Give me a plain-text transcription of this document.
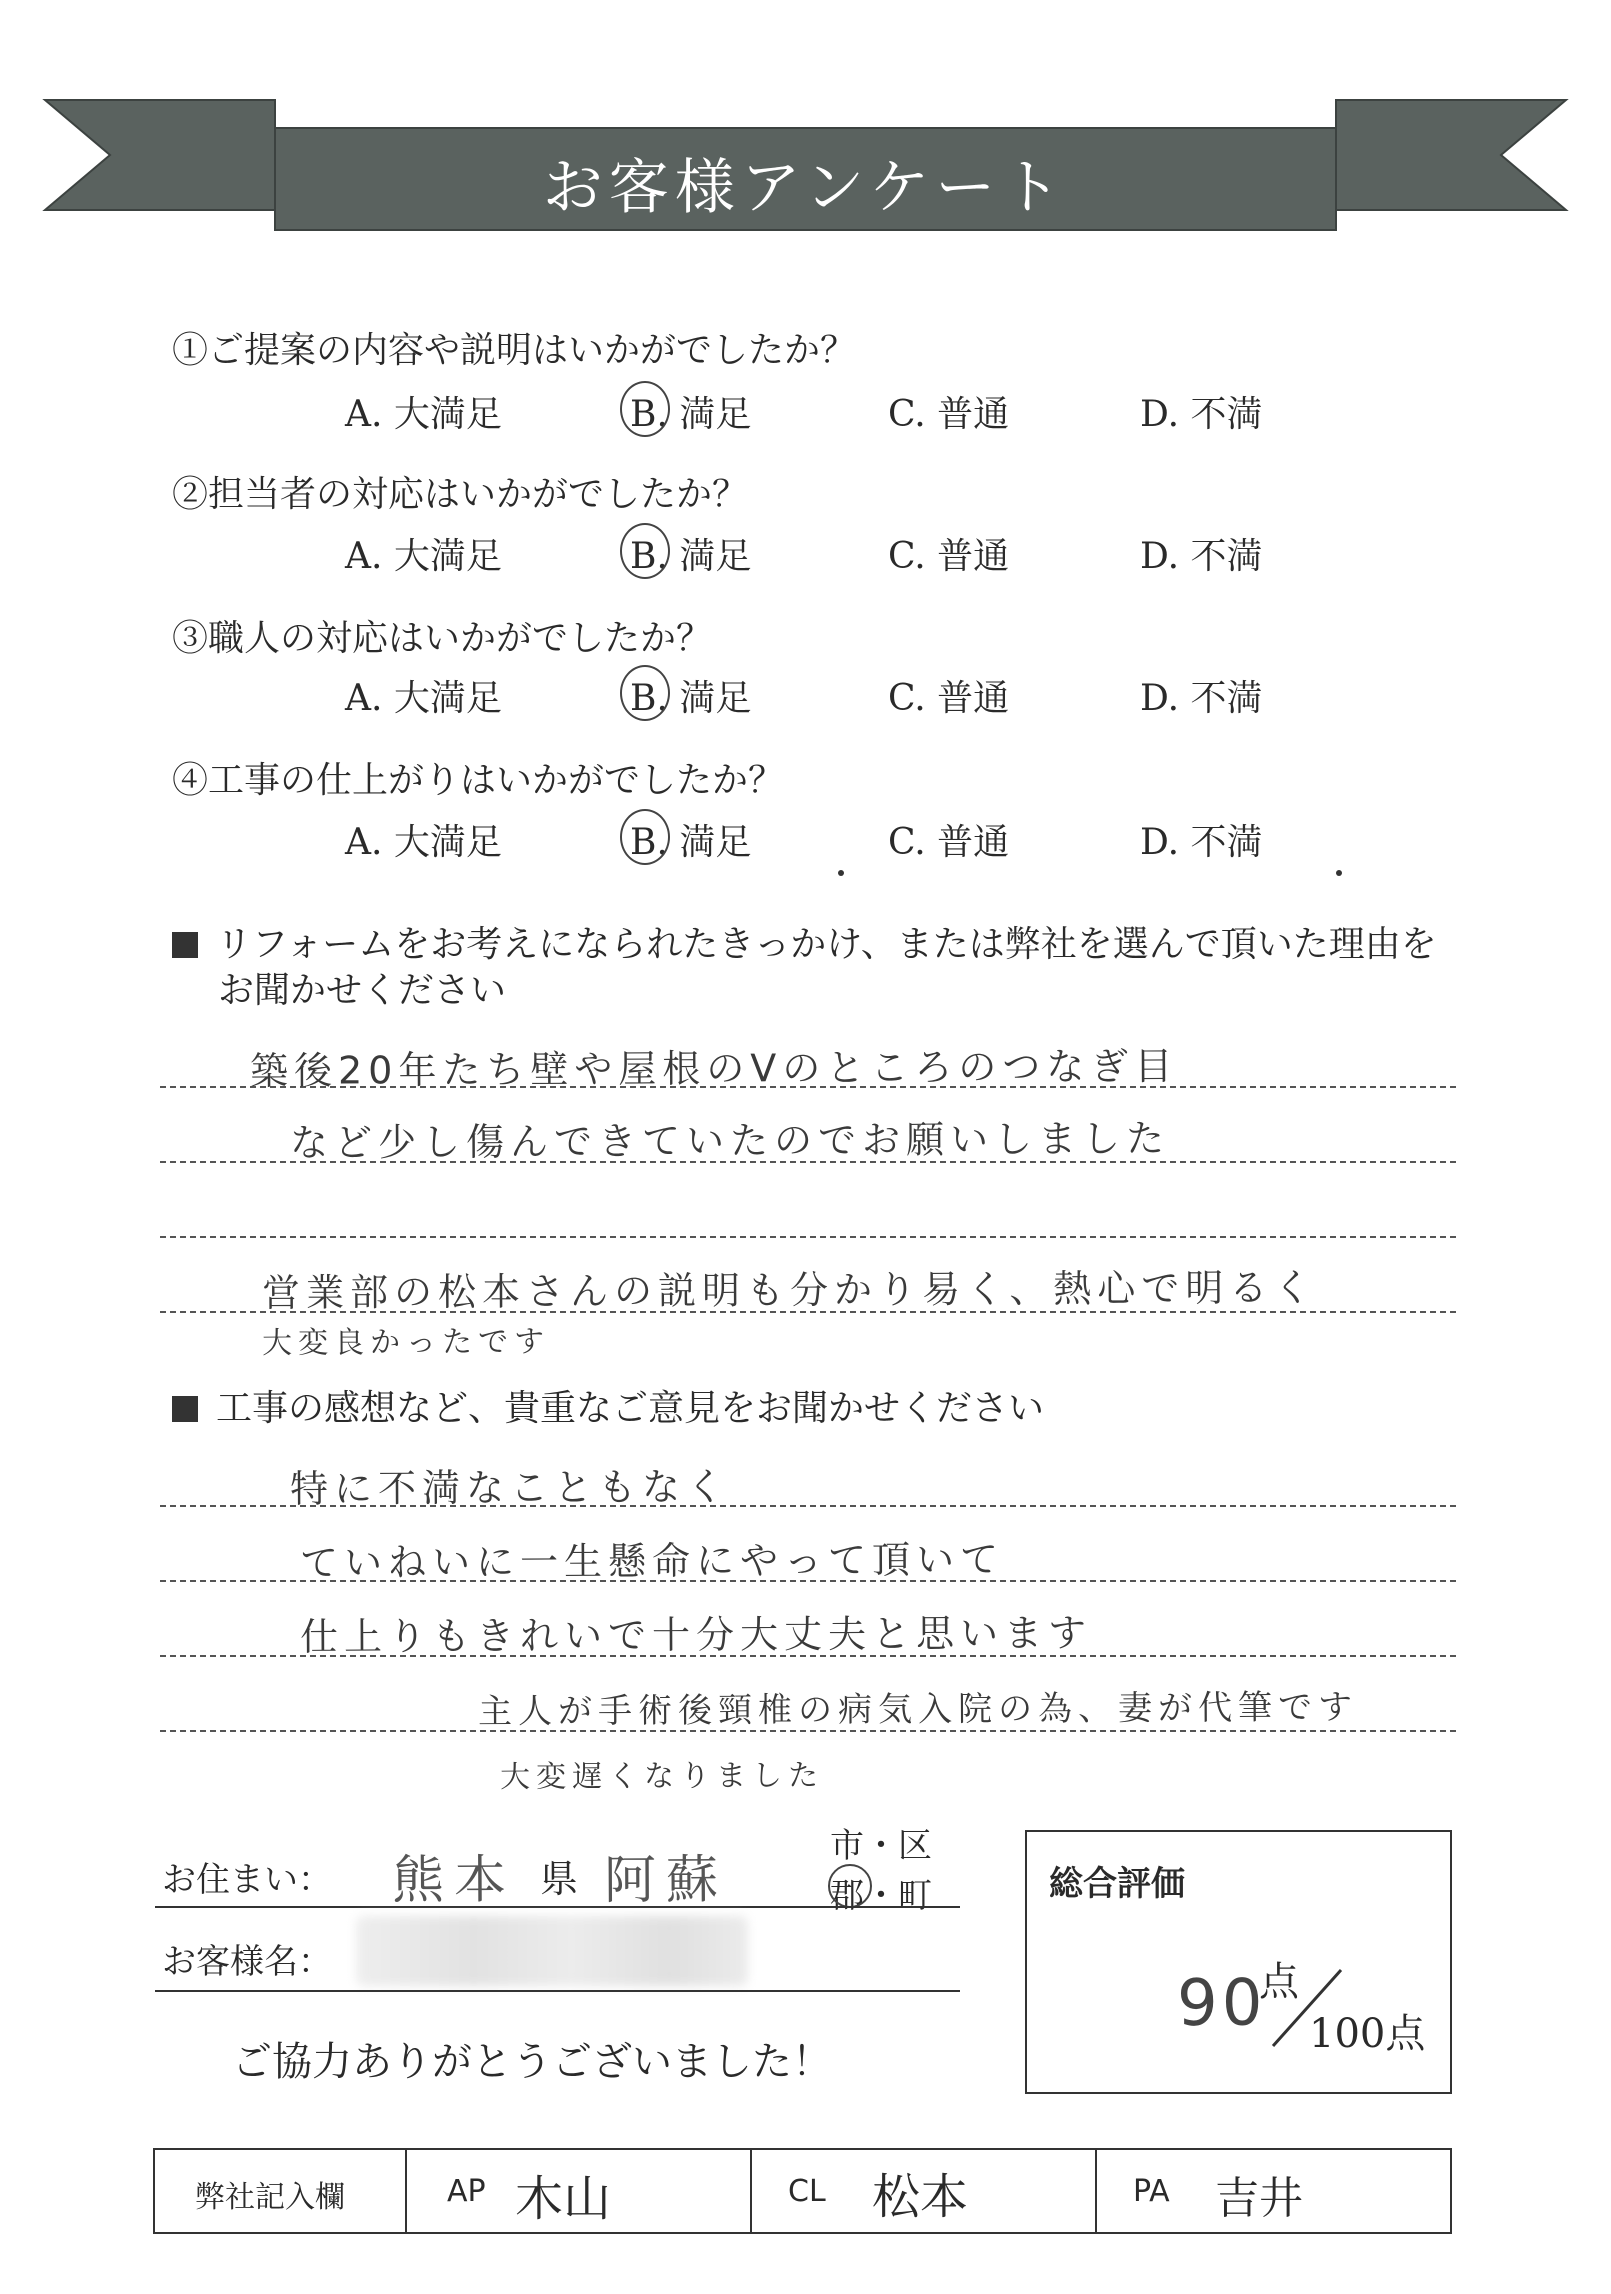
お客様アンケート
①ご提案の内容や説明はいかがでしたか？
A. 大満足	B. 満足	C. 普通	D. 不満
②担当者の対応はいかがでしたか？
A. 大満足	B. 満足	C. 普通	D. 不満
③職人の対応はいかがでしたか？
A. 大満足	B. 満足	C. 普通	D. 不満
④工事の仕上がりはいかがでしたか？
A. 大満足	B. 満足	C. 普通	D. 不満
リフォームをお考えになられたきっかけ、または弊社を選んで頂いた理由を
お聞かせください
築後20年たち壁や屋根のVのところのつなぎ目
など少し傷んできていたのでお願いしました
営業部の松本さんの説明も分かり易く、熱心で明るく
大変良かったです
工事の感想など、貴重なご意見をお聞かせください
特に不満なこともなく
ていねいに一生懸命にやって頂いて
仕上りもきれいで十分大丈夫と思います
主人が手術後頸椎の病気入院の為、妻が代筆です
大変遅くなりました
お住まい： 熊本 県 阿蘇
市・区
郡・町
お客様名：
ご協力ありがとうございました！
総合評価
90
点
100点
弊社記入欄	AP 木山	CL 松本	PA 吉井
